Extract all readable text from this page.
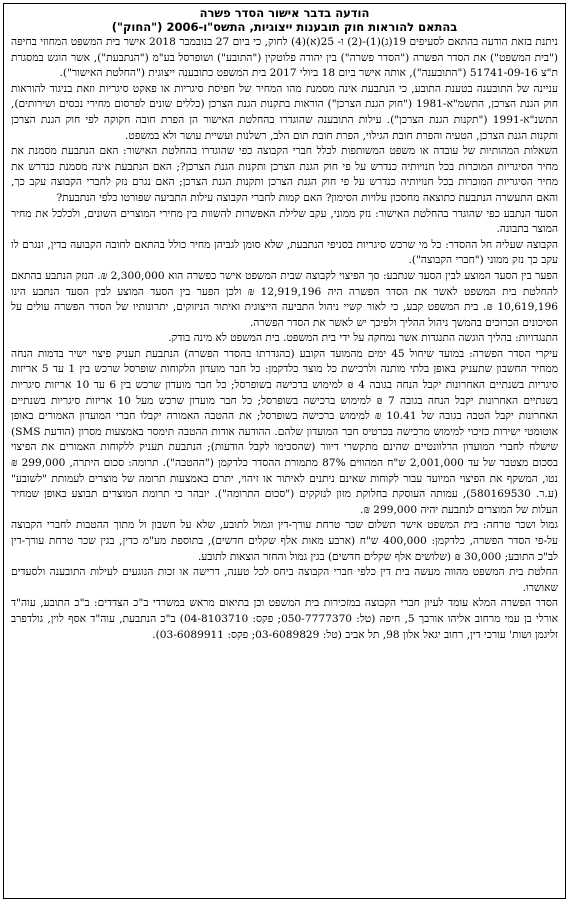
הודעה בדבר אישור הסדר פשרה
בהתאם להוראות חוק תובענות ייצוגיות, התשס"ו-2006 ("החוק")

ניתנת בזאת הודעה בהתאם לסעיפים 19(ג)(1)-(2) ו- 25(א)(4) לחוק, כי ביום 27 בנובמבר 2018 אישר בית המשפט המחוזי בחיפה ("בית המשפט") את הסדר הפשרה ("הסדר פשרה") בין יהודה פלוטקין ("התובע") ושופרסל בע"מ ("הנתבעת"), אשר הוגש במסגרת ת"צ 51741-09-16 ("התובענה"), אותה אישר ביום 18 ביולי 2017 בית המשפט כתובענה ייצוגית ("החלטת האישור").

עניינה של התובענה בטענת התובע, כי הנתבעת אינה מסמנת מהו המחיר של חפיסת סיגריות או פאקט סיגריות וזאת בניגוד להוראות חוק הגנת הצרכן, התשמ"א-1981 ("חוק הגנת הצרכן") הוראות בתקנות הגנת הצרכן (כללים שונים לפרסום מחירי נכסים ושירותים), התשנ"א-1991 ("תקנות הגנת הצרכן"). עילות התובענה שהוגדרו בהחלטת האישור הן הפרת חובה חקוקה לפי חוק הגנת הצרכן ותקנות הגנת הצרכן, הטעיה והפרת חובת הגילוי, הפרת חובת תום הלב, רשלנות ועשיית עושר ולא במשפט.

השאלות המהותיות של עובדה או משפט המשותפות לכלל חברי הקבוצה כפי שהוגדרו בהחלטת האישור: האם הנתבעת מסמנת את מחיר הסיגריות המוכרות בכל חנויותיה כנדרש על פי חוק הגנת הצרכן ותקנות הגנת הצרכן?; האם הנתבעת אינה מסמנת כנדרש את מחיר הסיגריות המוכרות בכל חנויותיה כנדרש על פי חוק הגנת הצרכן ותקנות הגנת הצרכן; האם נגרם נזק לחברי הקבוצה עקב כך, והאם התעשרה הנתבעת כתוצאה מחסכון עלויות הסימון? האם קמות לחברי הקבוצה עילות התביעה שפורטו כלפי הנתבעת?

הסעד הנתבע כפי שהוגדר בהחלטת האישור: נזק ממוני, עקב שלילת האפשרות להשוות בין מחירי המוצרים השונים, ולכלכל את מחיר המוצר בתבונה.

הקבוצה שעליה חל ההסדר: כל מי שרכש סיגריות בסניפי הנתבעת, שלא סומן לגביהן מחיר כולל בהתאם לחובה הקבועה בדין, ונגרם לו עקב כך נזק ממוני ("חברי הקבוצה").

הפער בין הסעד המוצע לבין הסעד שנתבע: סך הפיצוי לקבוצה שבית המשפט אישר כפשרה הוא 2,300,000 ₪. הנזק הנתבע בהתאם להחלטת בית המשפט לאשר את הסדר הפשרה היה 12,919,196 ₪ ולכן הפער בין הסעד המוצע לבין הסעד הנתבע הינו 10,619,196 ₪. בית המשפט קבע, כי לאור קשיי ניהול התביעה הייצוגית ואיתור הניזוקים, יתרונותיו של הסדר הפשרה עולים על הסיכונים הכרוכים בהמשך ניהול ההליך ולפיכך יש לאשר את הסדר הפשרה.

התנגדויות: בהליך הוגשה התנגדות אשר נמחקה על ידי בית המשפט. בית המשפט לא מינה בודק.

עיקרי הסדר הפשרה: במועד שיחול 45 ימים מהמועד הקובע (כהגדרתו בהסדר הפשרה) הנתבעת תעניק פיצוי ישיר בדמות הנחה ממחיר החשבון שתעניק באופן בלתי מותנה ולרכישת כל מוצר כלדקמן: כל חבר מועדון הלקוחות שופרסל שרכש בין 1 עד 5 אריזות סיגריות בשנתיים האחרונות יקבל הנחה בגובה 4 ₪ למימוש ברכישה בשופרסל; כל חבר מועדון שרכש בין 6 עד 10 אריזות סיגריות בשנתיים האחרונות יקבל הנחה בגובה 7 ₪ למימוש ברכישה בשופרסל; כל חבר מועדון שרכש מעל 10 אריזות סיגריות בשנתיים האחרונות יקבל הטבה בגובה של 10.41 ₪ למימוש ברכישה בשופרסל; את ההטבה האמורה יקבלו חברי המועדון האמורים באופן אוטומטי ישירות כזיכוי למימוש מרכישה בכרטיס חבר המועדון שלהם. ההודעה אודות ההטבה תימסר באמצעות מסרון (הודעת SMS) שישלח לחברי המועדון הרלוונטיים שהינם מתקשרי דיוור (שהסכימו לקבל הודעות); הנתבעת תעניק ללקוחות האמורים את הפיצוי בסכום מצטבר של עד 2,001,000 ש"ח המהווים 87% מתמורת ההסדר כלדקמן ("ההטבה"). תרומה: סכום היתרה, 299,000 ₪ נטו, המשקף את הפיצוי המיועד עבור לקוחות שאינם ניתנים לאיתור או זיהוי, יתרם באמצעות תרומה של מוצרים לעמותת "לשובע" (ע.ר. 580169530), עמותה העוסקת בחלוקת מזון לנזקקים ("סכום התרומה"). יובהר כי תרומת המוצרים תבוצע באופן שמחיר העלות של המוצרים לנתבעת יהיה 299,000 ₪.

גמול ושכר טרחה: בית המשפט אישר תשלום שכר טרחת עורך-דין וגמול לתובע, שלא על חשבון ול מתוך ההטבות לחברי הקבוצה על-פי הסדר הפשרה, כלדקמן: 400,000 ש"ח (ארבע מאות אלף שקלים חדשים), בתוספת מע"מ כדין, בגין שכר טרחת עורך-דין לב"כ התובע; 30,000 ₪ (שלושים אלף שקלים חדשים) בגין גמול והחזר הוצאות לתובע.

החלטת בית המשפט מהווה מעשה בית דין כלפי חברי הקבוצה ביחס לכל טענה, דרישה או זכות הנוגעים לעילות התובענה ולסעדים שאושרו.

הסדר הפשרה המלא עומד לעיון חברי הקבוצה במזכירות בית המשפט וכן בתיאום מראש במשרדי ב"כ הצדדים: ב"כ התובע, עוה"ד אורלי בן עמי מרחוב אליהו אורבך 5, חיפה (טל: 050-7777370; פקס: 04-8103710) ב"כ הנתבעת, עוה"ד אסף לוין, גולדפרב זליגמן ושות' עורכי דין, רחוב יגאל אלון 98, תל אביב (טל: 03-6089829; פקס: 03-6089911).
